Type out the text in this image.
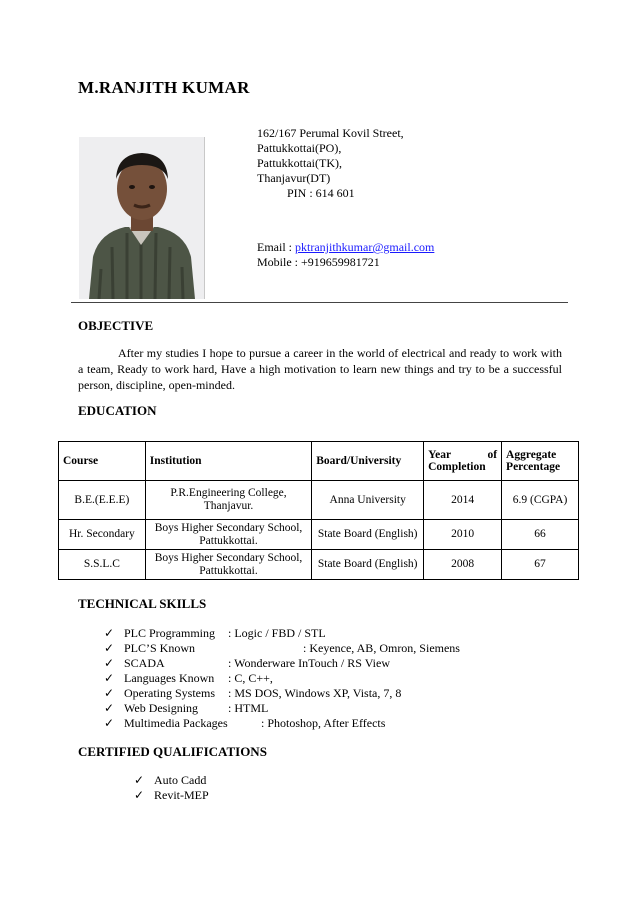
M.RANJITH KUMAR
162/167 Perumal Kovil Street,
Pattukkottai(PO),
Pattukkottai(TK),
Thanjavur(DT)
PIN : 614 601
Email : pktranjithkumar@gmail.com
Mobile : +919659981721
OBJECTIVE
After my studies I hope to pursue a career in the world of electrical and ready to work with a team, Ready to work hard, Have a high motivation to learn new things and try to be a successful person, discipline, open-minded.
EDUCATION
Course	Institution	Board/University	Year of Completion	Aggregate Percentage
B.E.(E.E.E)	P.R.Engineering College, Thanjavur.	Anna University	2014	6.9 (CGPA)
Hr. Secondary	Boys Higher Secondary School, Pattukkottai.	State Board (English)	2010	66
S.S.L.C	Boys Higher Secondary School, Pattukkottai.	State Board (English)	2008	67
TECHNICAL SKILLS
✓ PLC Programming : Logic / FBD / STL
✓ PLC’S Known	: Keyence, AB, Omron, Siemens
✓ SCADA	: Wonderware InTouch / RS View
✓ Languages Known : C, C++,
✓ Operating Systems : MS DOS, Windows XP, Vista, 7, 8
✓ Web Designing : HTML
✓ Multimedia Packages	: Photoshop, After Effects
CERTIFIED QUALIFICATIONS
✓ Auto Cadd
✓ Revit-MEP
